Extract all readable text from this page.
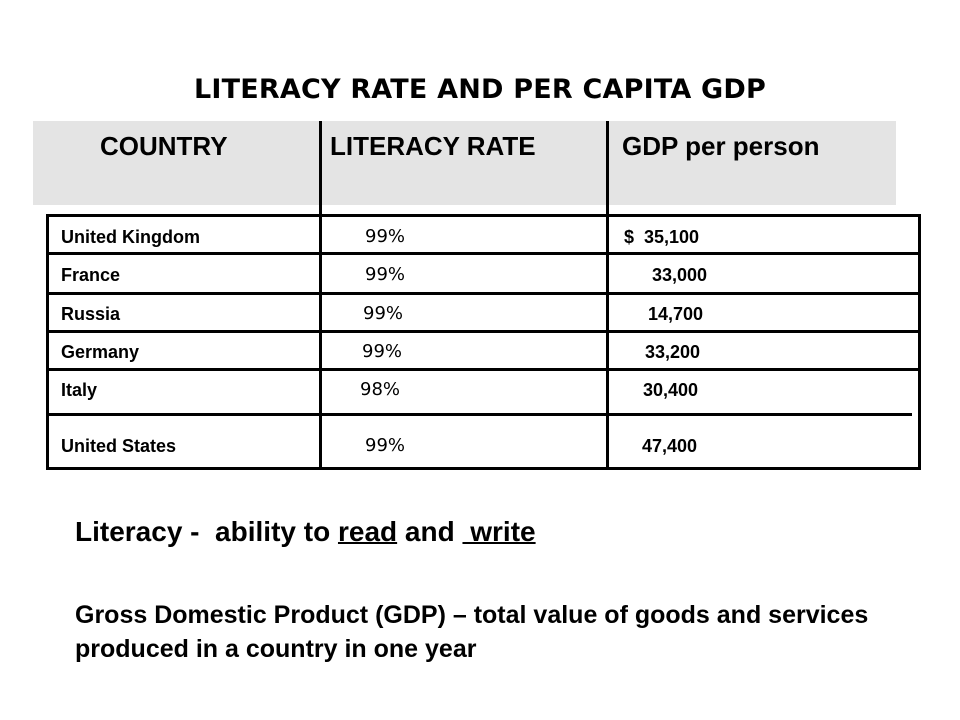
LITERACY RATE AND PER CAPITA GDP
COUNTRY	LITERACY RATE	GDP per person
United Kingdom	99%	$  35,100
France	99%	33,000
Russia	99%	14,700
Germany	99%	33,200
Italy	98%	30,400
United States	99%	47,400
Literacy -  ability to read and  write
Gross Domestic Product (GDP) – total value of goods and services produced in a country in one year
